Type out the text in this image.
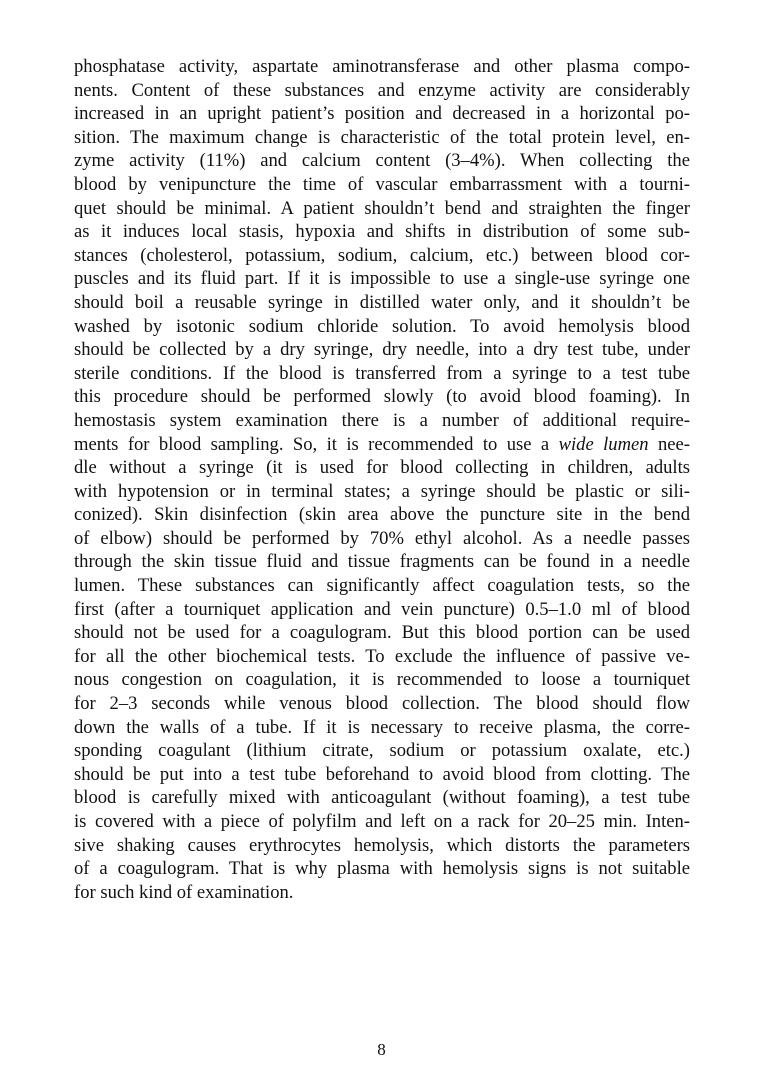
phosphatase activity, aspartate aminotransferase and other plasma compo-
nents. Content of these substances and enzyme activity are considerably
increased in an upright patient’s position and decreased in a horizontal po-
sition. The maximum change is characteristic of the total protein level, en-
zyme activity (11%) and calcium content (3–4%). When collecting the
blood by venipuncture the time of vascular embarrassment with a tourni-
quet should be minimal. A patient shouldn’t bend and straighten the finger
as it induces local stasis, hypoxia and shifts in distribution of some sub-
stances (cholesterol, potassium, sodium, calcium, etc.) between blood cor-
puscles and its fluid part. If it is impossible to use a single-use syringe one
should boil a reusable syringe in distilled water only, and it shouldn’t be
washed by isotonic sodium chloride solution. To avoid hemolysis blood
should be collected by a dry syringe, dry needle, into a dry test tube, under
sterile conditions. If the blood is transferred from a syringe to a test tube
this procedure should be performed slowly (to avoid blood foaming). In
hemostasis system examination there is a number of additional require-
ments for blood sampling. So, it is recommended to use a wide lumen nee-
dle without a syringe (it is used for blood collecting in children, adults
with hypotension or in terminal states; a syringe should be plastic or sili-
conized). Skin disinfection (skin area above the puncture site in the bend
of elbow) should be performed by 70% ethyl alcohol. As a needle passes
through the skin tissue fluid and tissue fragments can be found in a needle
lumen. These substances can significantly affect coagulation tests, so the
first (after a tourniquet application and vein puncture) 0.5–1.0 ml of blood
should not be used for a coagulogram. But this blood portion can be used
for all the other biochemical tests. To exclude the influence of passive ve-
nous congestion on coagulation, it is recommended to loose a tourniquet
for 2–3 seconds while venous blood collection. The blood should flow
down the walls of a tube. If it is necessary to receive plasma, the corre-
sponding coagulant (lithium citrate, sodium or potassium oxalate, etc.)
should be put into a test tube beforehand to avoid blood from clotting. The
blood is carefully mixed with anticoagulant (without foaming), a test tube
is covered with a piece of polyfilm and left on a rack for 20–25 min. Inten-
sive shaking causes erythrocytes hemolysis, which distorts the parameters
of a coagulogram. That is why plasma with hemolysis signs is not suitable
for such kind of examination.
8
